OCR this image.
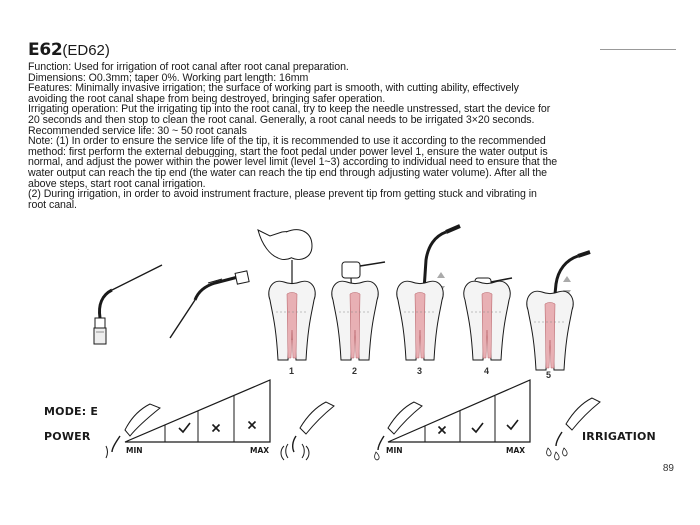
E62(ED62)
Function: Used for irrigation of root canal after root canal preparation.
Dimensions: Ô0.3mm; taper 0%. Working part length: 16mm
Features: Minimally invasive irrigation; the surface of working part is smooth, with cutting ability, effectively
avoiding the root canal shape from being destroyed, bringing safer operation.
Irrigating operation: Put the irrigating tip into the root canal, try to keep the needle unstressed, start the device for
20 seconds and then stop to clean the root canal. Generally, a root canal needs to be irrigated 3×20 seconds.
Recommended service life: 30 ~ 50 root canals
Note: (1) In order to ensure the service life of the tip, it is recommended to use it according to the recommended
method: first perform the external debugging, start the foot pedal under power level 1, ensure the water output is
normal, and adjust the power within the power level limit (level 1~3) according to individual need to ensure that the
water output can reach the tip end (the water can reach the tip end through adjusting water volume). After all the
above steps, start root canal irrigation.
(2) During irrigation, in order to avoid instrument fracture, please prevent tip from getting stuck and vibrating in
root canal.
1	2	3	4	5
MODE: E
POWER
MIN	MAX	MIN	MAX
IRRIGATION
89
